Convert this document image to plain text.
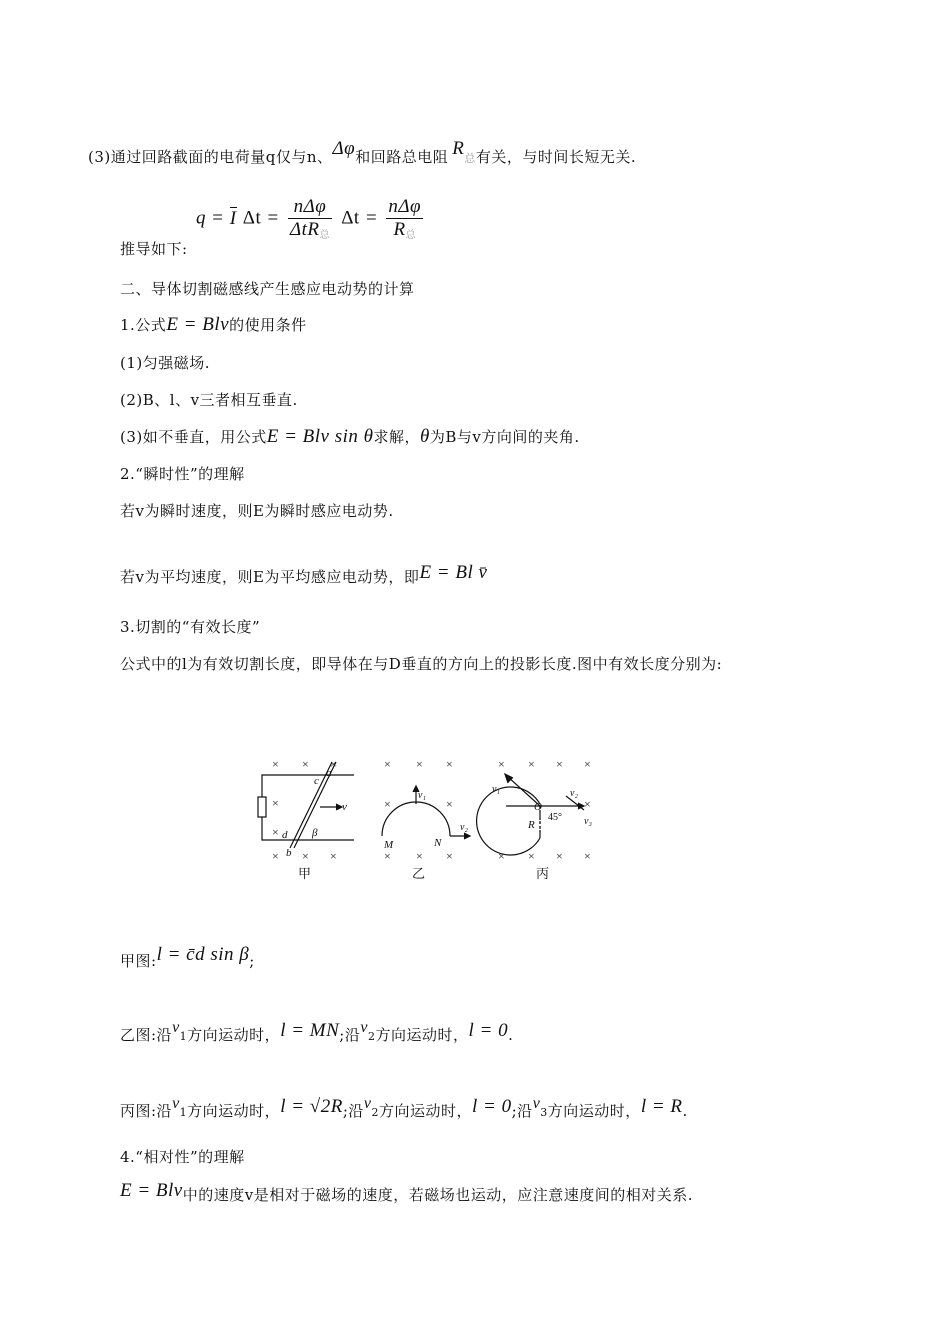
(3)通过回路截面的电荷量q仅与n、Δφ和回路总电阻 R总有关，与时间长短无关.
q = I $\Delta t = \frac{\text{nΔφ}}{\Delta tR_总}$ $\Delta t = \frac{\text{nΔφ}}{R_总}$
推导如下:
二、导体切割磁感线产生感应电动势的计算
1.公式E = Blv的使用条件
(1)匀强磁场.
(2)B、l、v三者相互垂直.
(3)如不垂直，用公式E = Blv sin θ求解，θ为B与v方向间的夹角.
2.“瞬时性”的理解
若v为瞬时速度，则E为瞬时感应电动势.
若v为平均速度，则E为平均感应电动势，即E = Bl v̄
3.切割的“有效长度”
公式中的l为有效切割长度，即导体在与D垂直的方向上的投影长度.图中有效长度分别为:
× × ×
×
×
× × ×
c
a
d
b
v
β
甲
× × ×
×	×
× × ×
v₁
v₂
M	N
乙
× × × ×
×
× × × ×
v₁	v₂
v₃
O
R
45°
丙
甲图:l = c̄d sin β;
乙图:沿v1方向运动时，l = MN;沿v2方向运动时，l = 0.
丙图:沿v1方向运动时，l = √2R;沿v2方向运动时，l = 0;沿v3方向运动时，l = R.
4.“相对性”的理解
E = Blv中的速度v是相对于磁场的速度，若磁场也运动，应注意速度间的相对关系.
